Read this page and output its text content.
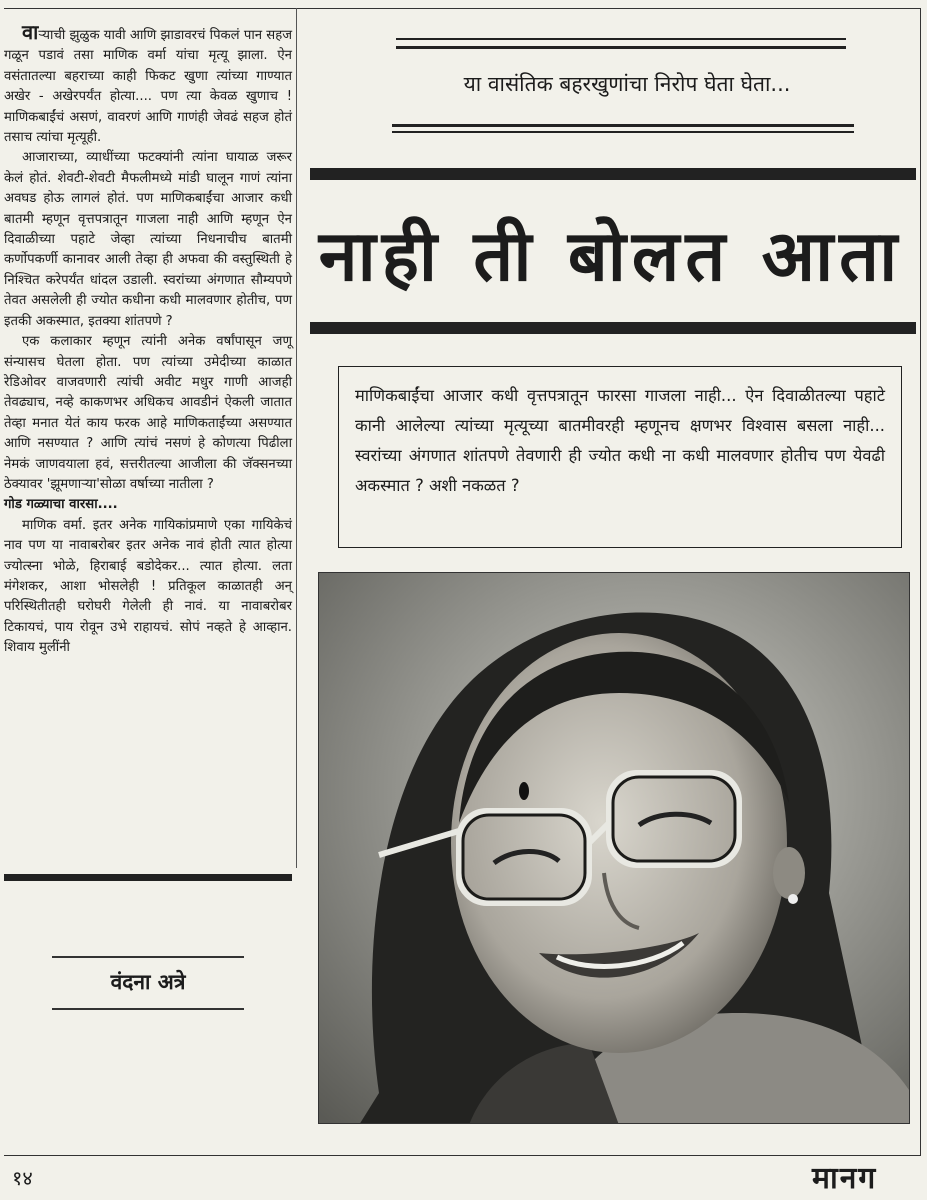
वाऱ्याची झुळुक यावी आणि झाडावरचं पिकलं पान सहज गळून पडावं तसा माणिक वर्मा यांचा मृत्यू झाला. ऐन वसंतातल्या बहराच्या काही फिकट खुणा त्यांच्या गाण्यात अखेर - अखेरपर्यंत होत्या.... पण त्या केवळ खुणाच ! माणिकबाईंचं असणं, वावरणं आणि गाणंही जेवढं सहज होतं तसाच त्यांचा मृत्यूही.

आजाराच्या, व्याधींच्या फटक्यांनी त्यांना घायाळ जरूर केलं होतं. शेवटी-शेवटी मैफलीमध्ये मांडी घालून गाणं त्यांना अवघड होऊ लागलं होतं. पण माणिकबाईंचा आजार कधी बातमी म्हणून वृत्तपत्रातून गाजला नाही आणि म्हणून ऐन दिवाळीच्या पहाटे जेव्हा त्यांच्या निधनाचीच बातमी कर्णोपकर्णी कानावर आली तेव्हा ही अफवा की वस्तुस्थिती हे निश्चित करेपर्यंत धांदल उडाली. स्वरांच्या अंगणात सौम्यपणे तेवत असलेली ही ज्योत कधीना कधी मालवणार होतीच, पण इतकी अकस्मात, इतक्या शांतपणे ?

एक कलाकार म्हणून त्यांनी अनेक वर्षांपासून जणू संन्यासच घेतला होता. पण त्यांच्या उमेदीच्या काळात रेडिओवर वाजवणारी त्यांची अवीट मधुर गाणी आजही तेवढ्याच, नव्हे काकणभर अधिकच आवडीनं ऐकली जातात तेव्हा मनात येतं काय फरक आहे माणिकताईंच्या असण्यात आणि नसण्यात ? आणि त्यांचं नसणं हे कोणत्या पिढीला नेमकं जाणवयाला हवं, सत्तरीतल्या आजीला की जॅक्सनच्या ठेक्यावर 'झूमणाऱ्या'सोळा वर्षाच्या नातीला ?

गोड गळ्याचा वारसा....

माणिक वर्मा. इतर अनेक गायिकांप्रमाणे एका गायिकेचं नाव पण या नावाबरोबर इतर अनेक नावं होती त्यात होत्या ज्योत्स्ना भोळे, हिराबाई बडोदेकर... त्यात होत्या. लता मंगेशकर, आशा भोसलेही ! प्रतिकूल काळातही अन् परिस्थितीतही घरोघरी गेलेली ही नावं. या नावाबरोबर टिकायचं, पाय रोवून उभे राहायचं. सोपं नव्हते हे आव्हान. शिवाय मुलींनी

वंदना अत्रे
या वासंतिक बहरखुणांचा निरोप घेता घेता...
नाही ती बोलत आता
माणिकबाईंचा आजार कधी वृत्तपत्रातून फारसा गाजला नाही... ऐन दिवाळीतल्या पहाटे कानी आलेल्या त्यांच्या मृत्यूच्या बातमीवरही म्हणूनच क्षणभर विश्वास बसला नाही... स्वरांच्या अंगणात शांतपणे तेवणारी ही ज्योत कधी ना कधी मालवणार होतीच पण येवढी अकस्मात ? अशी नकळत ?
१४	मानग
